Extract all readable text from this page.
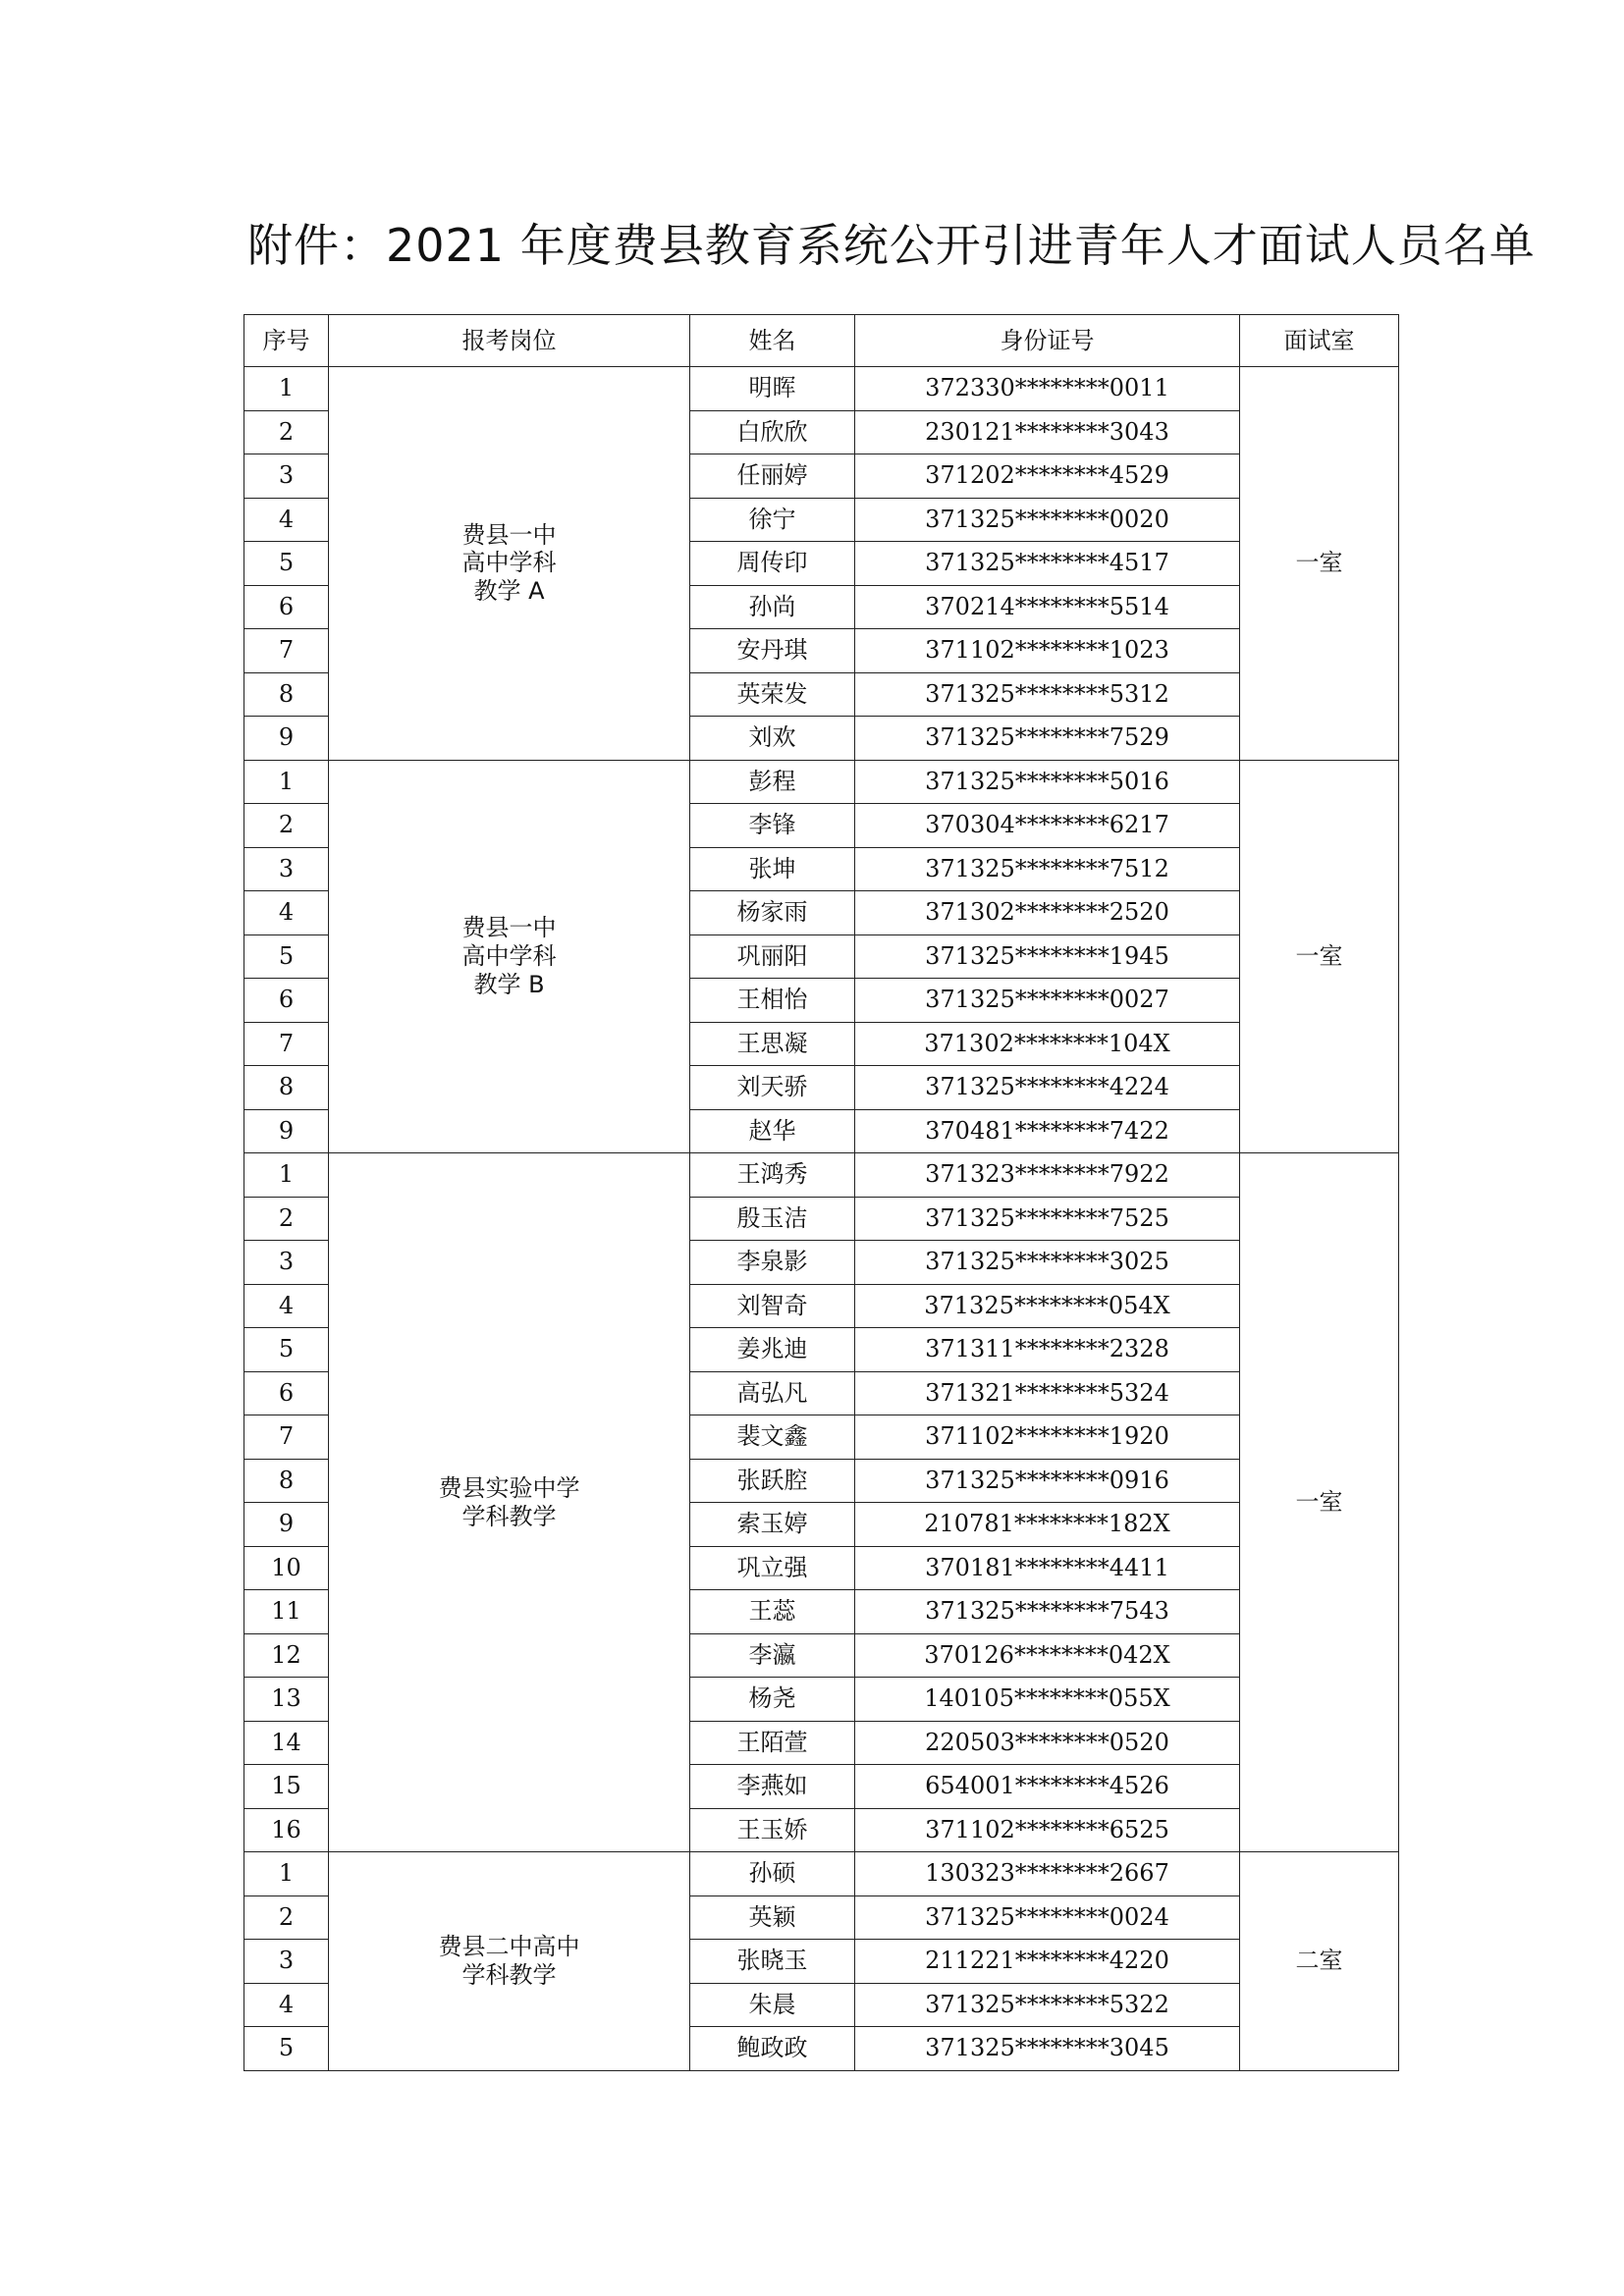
附件：2021 年度费县教育系统公开引进青年人才面试人员名单
序号	报考岗位	姓名	身份证号	面试室
1	费县一中
高中学科
教学 A	明晖	372330********0011	一室
2		白欣欣	230121********3043	
3		任丽婷	371202********4529	
4		徐宁	371325********0020	
5		周传印	371325********4517	
6		孙尚	370214********5514	
7		安丹琪	371102********1023	
8		英荣发	371325********5312	
9		刘欢	371325********7529	
1	费县一中
高中学科
教学 B	彭程	371325********5016	一室
2		李锋	370304********6217	
3		张坤	371325********7512	
4		杨家雨	371302********2520	
5		巩丽阳	371325********1945	
6		王相怡	371325********0027	
7		王思凝	371302********104X	
8		刘天骄	371325********4224	
9		赵华	370481********7422	
1	费县实验中学
学科教学	王鸿秀	371323********7922	一室
2		殷玉洁	371325********7525	
3		李泉影	371325********3025	
4		刘智奇	371325********054X	
5		姜兆迪	371311********2328	
6		高弘凡	371321********5324	
7		裴文鑫	371102********1920	
8		张跃腔	371325********0916	
9		索玉婷	210781********182X	
10		巩立强	370181********4411	
11		王蕊	371325********7543	
12		李瀛	370126********042X	
13		杨尧	140105********055X	
14		王陌萱	220503********0520	
15		李燕如	654001********4526	
16		王玉娇	371102********6525	
1	费县二中高中
学科教学	孙硕	130323********2667	二室
2		英颖	371325********0024	
3		张晓玉	211221********4220	
4		朱晨	371325********5322	
5		鲍政政	371325********3045	
